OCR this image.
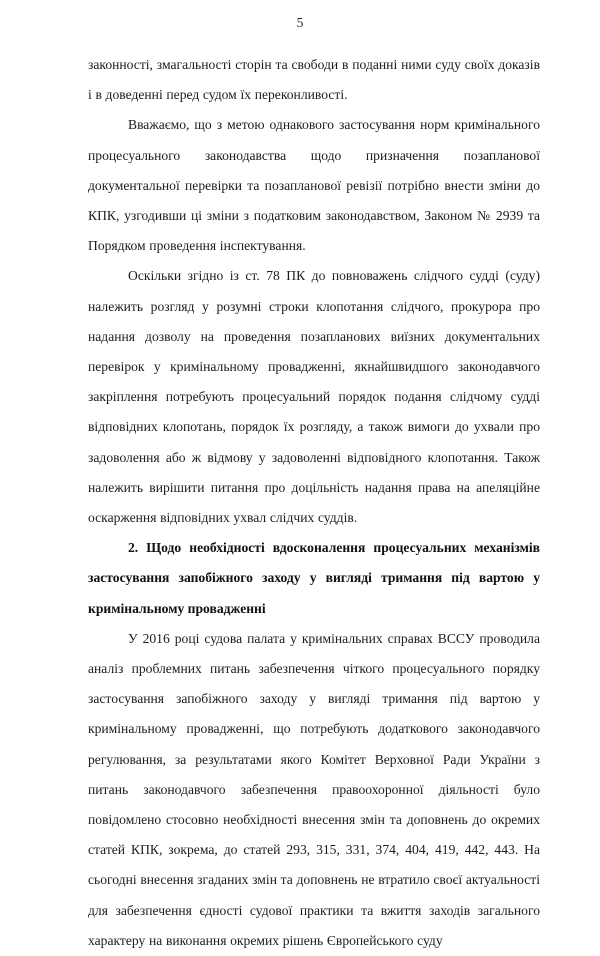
5

законності, змагальності сторін та свободи в поданні ними суду своїх доказів і в доведенні перед судом їх переконливості.

Вважаємо, що з метою однакового застосування норм кримінального процесуального законодавства щодо призначення позапланової документальної перевірки та позапланової ревізії потрібно внести зміни до КПК, узгодивши ці зміни з податковим законодавством, Законом № 2939 та Порядком проведення інспектування.

Оскільки згідно із ст. 78 ПК до повноважень слідчого судді (суду) належить розгляд у розумні строки клопотання слідчого, прокурора про надання дозволу на проведення позапланових виїзних документальних перевірок у кримінальному провадженні, якнайшвидшого законодавчого закріплення потребують процесуальний порядок подання слідчому судді відповідних клопотань, порядок їх розгляду, а також вимоги до ухвали про задоволення або ж відмову у задоволенні відповідного клопотання. Також належить вирішити питання про доцільність надання права на апеляційне оскарження відповідних ухвал слідчих суддів.

2. Щодо необхідності вдосконалення процесуальних механізмів застосування запобіжного заходу у вигляді тримання під вартою у кримінальному провадженні

У 2016 році судова палата у кримінальних справах ВССУ проводила аналіз проблемних питань забезпечення чіткого процесуального порядку застосування запобіжного заходу у вигляді тримання під вартою у кримінальному провадженні, що потребують додаткового законодавчого регулювання, за результатами якого Комітет Верховної Ради України з питань законодавчого забезпечення правоохоронної діяльності було повідомлено стосовно необхідності внесення змін та доповнень до окремих статей КПК, зокрема, до статей 293, 315, 331, 374, 404, 419, 442, 443. На сьогодні внесення згаданих змін та доповнень не втратило своєї актуальності для забезпечення єдності судової практики та вжиття заходів загального характеру на виконання окремих рішень Європейського суду
